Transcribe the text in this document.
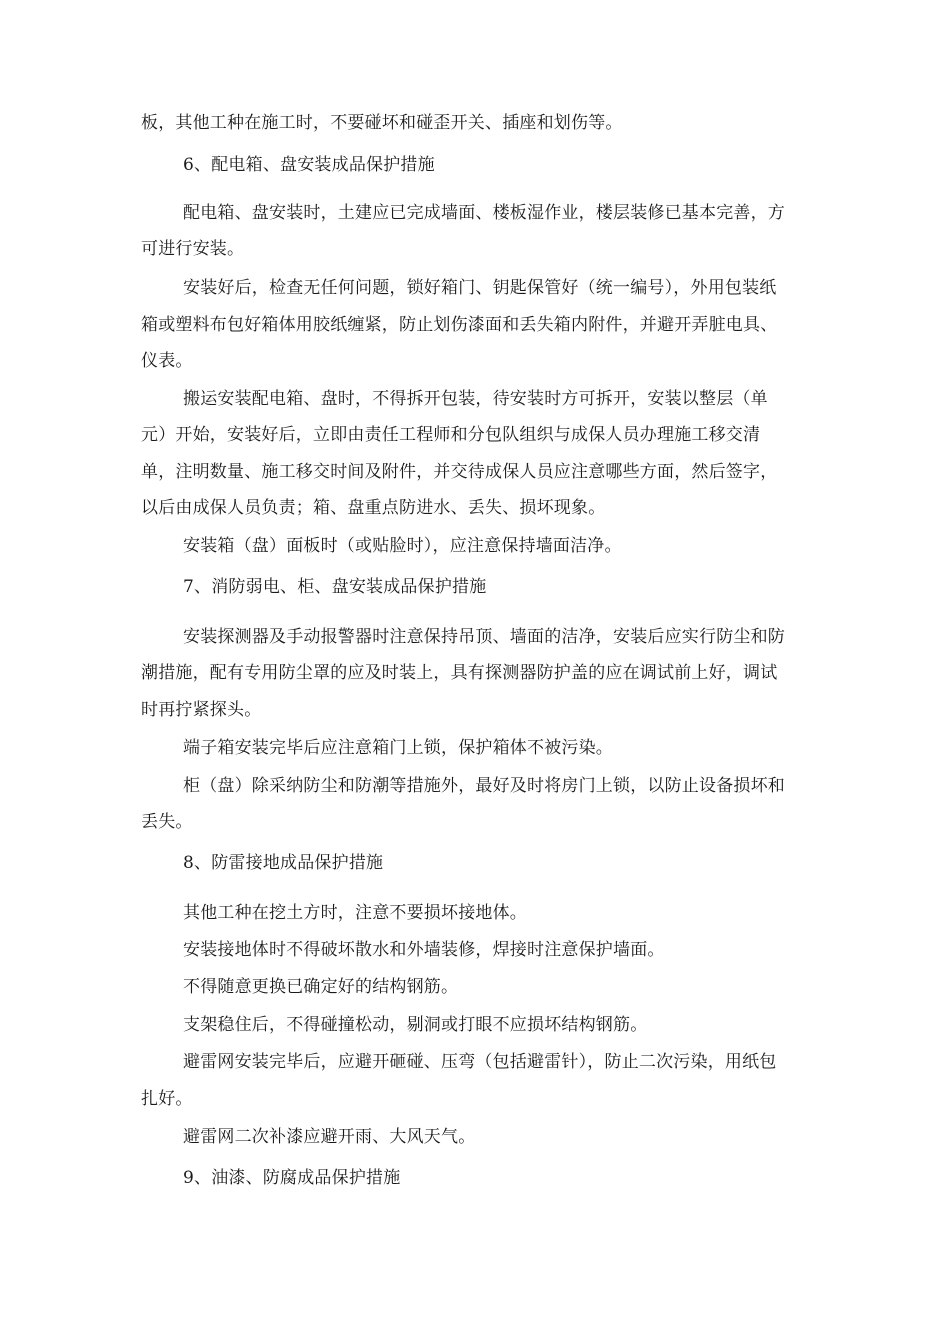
板，其他工种在施工时，不要碰坏和碰歪开关、插座和划伤等。
6、配电箱、盘安装成品保护措施
配电箱、盘安装时，土建应已完成墙面、楼板湿作业，楼层装修已基本完善，方
可进行安装。
安装好后，检查无任何问题，锁好箱门、钥匙保管好（统一编号），外用包装纸
箱或塑料布包好箱体用胶纸缠紧，防止划伤漆面和丢失箱内附件，并避开弄脏电具、
仪表。
搬运安装配电箱、盘时，不得拆开包装，待安装时方可拆开，安装以整层（单
元）开始，安装好后，立即由责任工程师和分包队组织与成保人员办理施工移交清
单，注明数量、施工移交时间及附件，并交待成保人员应注意哪些方面，然后签字，
以后由成保人员负责；箱、盘重点防进水、丢失、损坏现象。
安装箱（盘）面板时（或贴脸时），应注意保持墙面洁净。
7、消防弱电、柜、盘安装成品保护措施
安装探测器及手动报警器时注意保持吊顶、墙面的洁净，安装后应实行防尘和防
潮措施，配有专用防尘罩的应及时装上，具有探测器防护盖的应在调试前上好，调试
时再拧紧探头。
端子箱安装完毕后应注意箱门上锁，保护箱体不被污染。
柜（盘）除采纳防尘和防潮等措施外，最好及时将房门上锁，以防止设备损坏和
丢失。
8、防雷接地成品保护措施
其他工种在挖土方时，注意不要损坏接地体。
安装接地体时不得破坏散水和外墙装修，焊接时注意保护墙面。
不得随意更换已确定好的结构钢筋。
支架稳住后，不得碰撞松动，剔洞或打眼不应损坏结构钢筋。
避雷网安装完毕后，应避开砸碰、压弯（包括避雷针），防止二次污染，用纸包
扎好。
避雷网二次补漆应避开雨、大风天气。
9、油漆、防腐成品保护措施
